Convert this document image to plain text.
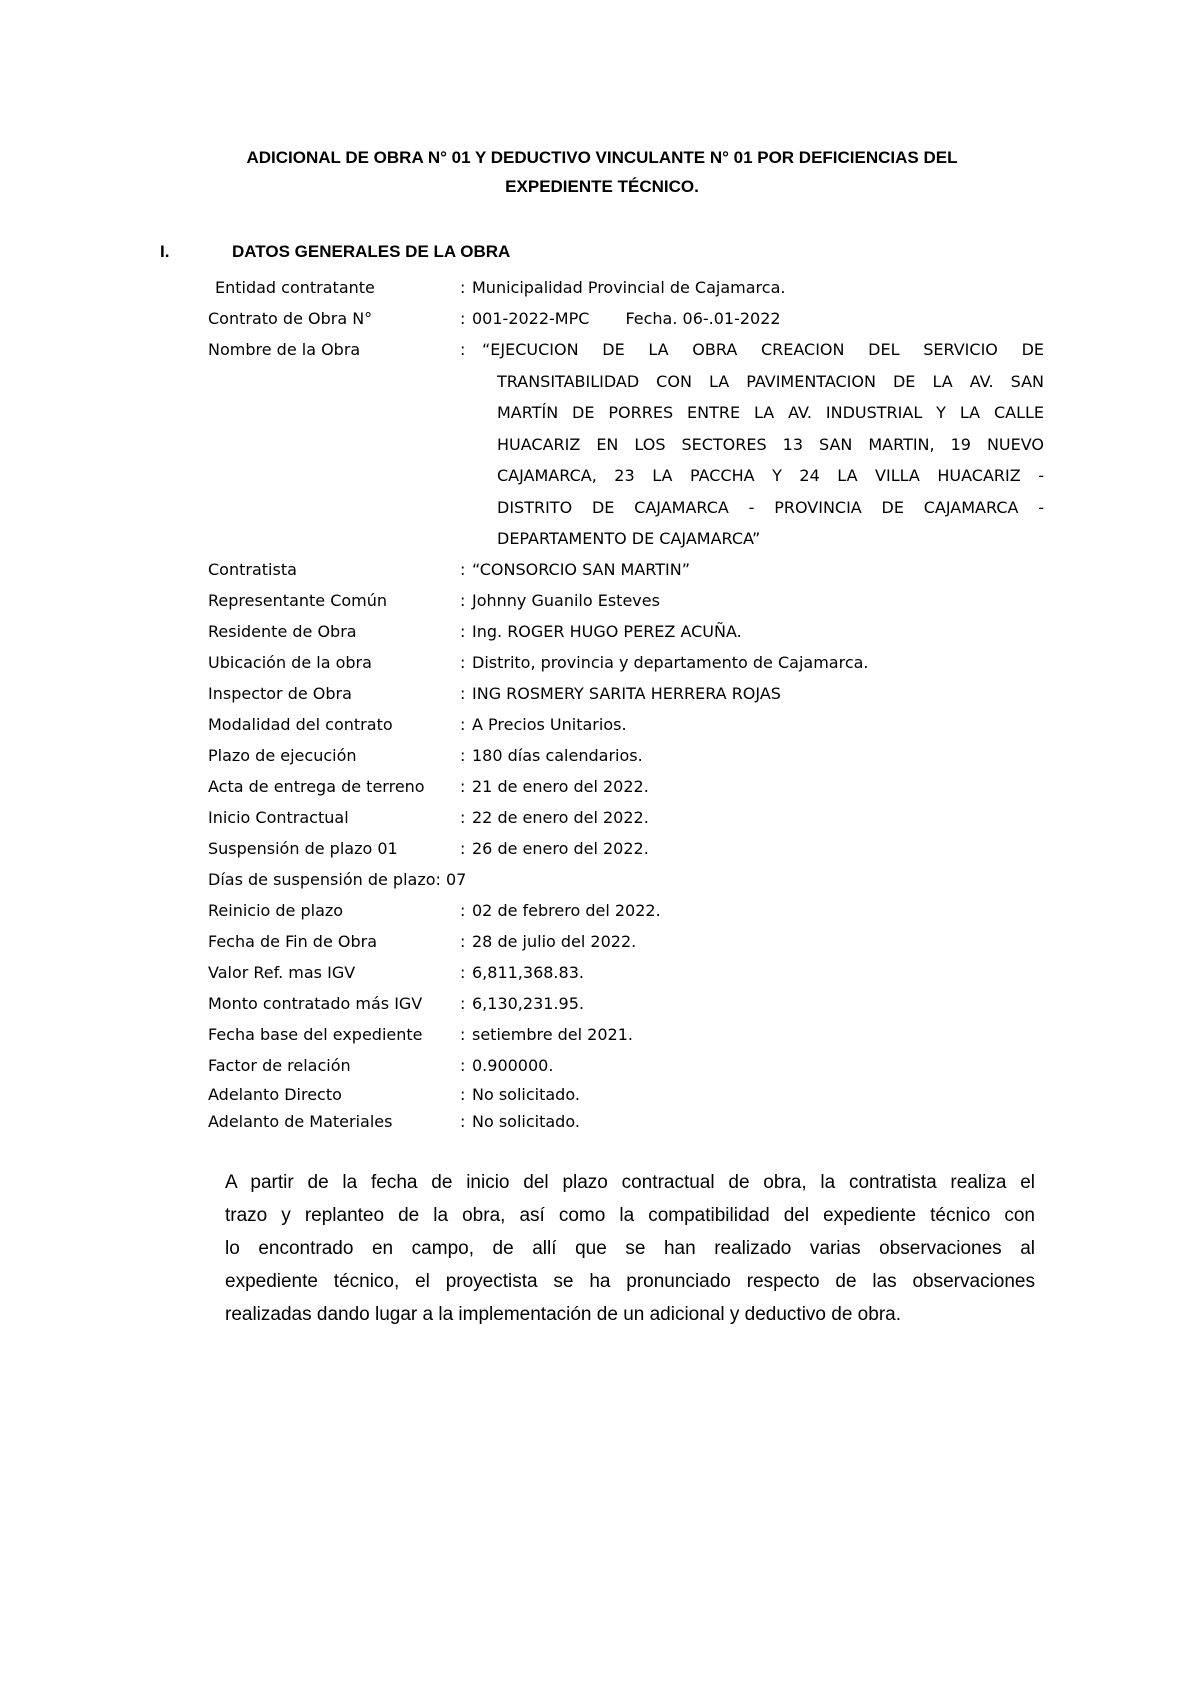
ADICIONAL DE OBRA N° 01 Y DEDUCTIVO VINCULANTE N° 01 POR DEFICIENCIAS DEL
EXPEDIENTE TÉCNICO.
I.	DATOS GENERALES DE LA OBRA
Entidad contratante	: Municipalidad Provincial de Cajamarca.
Contrato de Obra N°	: 001-2022-MPC Fecha. 06-.01-2022
Nombre de la Obra	:	“EJECUCION DE LA OBRA CREACION DEL SERVICIO DE
TRANSITABILIDAD CON LA PAVIMENTACION DE LA AV. SAN
MARTÍN DE PORRES ENTRE LA AV. INDUSTRIAL Y LA CALLE
HUACARIZ EN LOS SECTORES 13 SAN MARTIN, 19 NUEVO
CAJAMARCA, 23 LA PACCHA Y 24 LA VILLA HUACARIZ -
DISTRITO DE CAJAMARCA - PROVINCIA DE CAJAMARCA -
DEPARTAMENTO DE CAJAMARCA”
Contratista	: “CONSORCIO SAN MARTIN”
Representante Común	: Johnny Guanilo Esteves
Residente de Obra	: Ing. ROGER HUGO PEREZ ACUÑA.
Ubicación de la obra	: Distrito, provincia y departamento de Cajamarca.
Inspector de Obra	: ING ROSMERY SARITA HERRERA ROJAS
Modalidad del contrato	: A Precios Unitarios.
Plazo de ejecución	: 180 días calendarios.
Acta de entrega de terreno : 21 de enero del 2022.
Inicio Contractual	: 22 de enero del 2022.
Suspensión de plazo 01	: 26 de enero del 2022.
Días de suspensión de plazo: 07
Reinicio de plazo	: 02 de febrero del 2022.
Fecha de Fin de Obra	: 28 de julio del 2022.
Valor Ref. mas IGV	: 6,811,368.83.
Monto contratado más IGV : 6,130,231.95.
Fecha base del expediente : setiembre del 2021.
Factor de relación	: 0.900000.
Adelanto Directo	: No solicitado.
Adelanto de Materiales	: No solicitado.
A partir de la fecha de inicio del plazo contractual de obra, la contratista realiza el
trazo y replanteo de la obra, así como la compatibilidad del expediente técnico con
lo encontrado en campo, de allí que se han realizado varias observaciones al
expediente técnico, el proyectista se ha pronunciado respecto de las observaciones
realizadas dando lugar a la implementación de un adicional y deductivo de obra.
